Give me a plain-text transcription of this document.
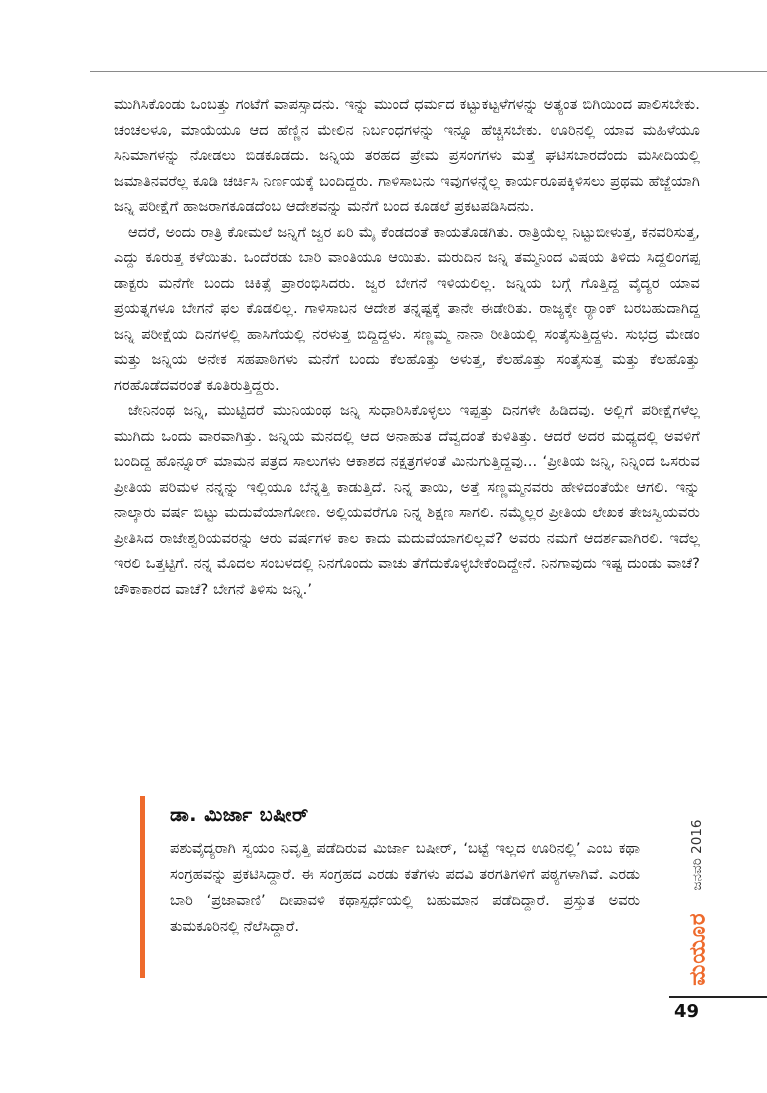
ಮುಗಿಸಿಕೊಂಡು ಒಂಬತ್ತು ಗಂಟೆಗೆ ವಾಪಸ್ಸಾದನು. ಇನ್ನು ಮುಂದೆ ಧರ್ಮದ ಕಟ್ಟುಕಟ್ಟಳೆಗಳನ್ನು ಅತ್ಯಂತ ಬಿಗಿಯಿಂದ ಪಾಲಿಸಬೇಕು. ಚಂಚಲಳೂ, ಮಾಯೆಯೂ ಆದ ಹೆಣ್ಣಿನ ಮೇಲಿನ ನಿರ್ಬಂಧಗಳನ್ನು ಇನ್ನೂ ಹೆಚ್ಚಿಸಬೇಕು. ಊರಿನಲ್ಲಿ ಯಾವ ಮಹಿಳೆಯೂ ಸಿನಿಮಾಗಳನ್ನು ನೋಡಲು ಬಿಡಕೂಡದು. ಜನ್ನಿಯ ತರಹದ ಪ್ರೇಮ ಪ್ರಸಂಗಗಳು ಮತ್ತೆ ಘಟಿಸಬಾರದೆಂದು ಮಸೀದಿಯಲ್ಲಿ ಜಮಾತಿನವರೆಲ್ಲ ಕೂಡಿ ಚರ್ಚಿಸಿ ನಿರ್ಣಯಕ್ಕೆ ಬಂದಿದ್ದರು. ಗಾಳಿಸಾಬನು ಇವುಗಳನ್ನೆಲ್ಲ ಕಾರ್ಯರೂಪಕ್ಕಿಳಿಸಲು ಪ್ರಥಮ ಹೆಜ್ಜೆಯಾಗಿ ಜನ್ನಿ ಪರೀಕ್ಷೆಗೆ ಹಾಜರಾಗಕೂಡದೆಂಬ ಆದೇಶವನ್ನು ಮನೆಗೆ ಬಂದ ಕೂಡಲೆ ಪ್ರಕಟಪಡಿಸಿದನು.

ಆದರೆ, ಅಂದು ರಾತ್ರಿ ಕೋಮಲೆ ಜನ್ನಿಗೆ ಜ್ವರ ಏರಿ ಮೈ ಕೆಂಡದಂತೆ ಕಾಯತೊಡಗಿತು. ರಾತ್ರಿಯೆಲ್ಲ ನಿಟ್ಟುಬೀಳುತ್ತ, ಕನವರಿಸುತ್ತ, ಎದ್ದು ಕೂರುತ್ತ ಕಳೆಯಿತು. ಒಂದೆರಡು ಬಾರಿ ವಾಂತಿಯೂ ಆಯಿತು. ಮರುದಿನ ಜನ್ನಿ ತಮ್ಮನಿಂದ ವಿಷಯ ತಿಳಿದು ಸಿದ್ದಲಿಂಗಪ್ಪ ಡಾಕ್ಟರು ಮನೆಗೇ ಬಂದು ಚಿಕಿತ್ಸೆ ಪ್ರಾರಂಭಿಸಿದರು. ಜ್ವರ ಬೇಗನೆ ಇಳಿಯಲಿಲ್ಲ. ಜನ್ನಿಯ ಬಗ್ಗೆ ಗೊತ್ತಿದ್ದ ವೈದ್ಯರ ಯಾವ ಪ್ರಯತ್ನಗಳೂ ಬೇಗನೆ ಫಲ ಕೊಡಲಿಲ್ಲ. ಗಾಳಿಸಾಬನ ಆದೇಶ ತನ್ನಷ್ಟಕ್ಕೆ ತಾನೇ ಈಡೇರಿತು. ರಾಜ್ಯಕ್ಕೇ ರ್‍ಯಾಂಕ್ ಬರಬಹುದಾಗಿದ್ದ ಜನ್ನಿ ಪರೀಕ್ಷೆಯ ದಿನಗಳಲ್ಲಿ ಹಾಸಿಗೆಯಲ್ಲಿ ನರಳುತ್ತ ಬಿದ್ದಿದ್ದಳು. ಸಣ್ಣಮ್ಮ ನಾನಾ ರೀತಿಯಲ್ಲಿ ಸಂತೈಸುತ್ತಿದ್ದಳು. ಸುಭದ್ರ ಮೇಡಂ ಮತ್ತು ಜನ್ನಿಯ ಅನೇಕ ಸಹಪಾಠಿಗಳು ಮನೆಗೆ ಬಂದು ಕೆಲಹೊತ್ತು ಅಳುತ್ತ, ಕೆಲಹೊತ್ತು ಸಂತೈಸುತ್ತ ಮತ್ತು ಕೆಲಹೊತ್ತು ಗರಹೊಡೆದವರಂತೆ ಕೂತಿರುತ್ತಿದ್ದರು.

ಜೇನಿನಂಥ ಜನ್ನಿ, ಮುಟ್ಟಿದರೆ ಮುನಿಯಂಥ ಜನ್ನಿ ಸುಧಾರಿಸಿಕೊಳ್ಳಲು ಇಪ್ಪತ್ತು ದಿನಗಳೇ ಹಿಡಿದವು. ಅಲ್ಲಿಗೆ ಪರೀಕ್ಷೆಗಳೆಲ್ಲ ಮುಗಿದು ಒಂದು ವಾರವಾಗಿತ್ತು. ಜನ್ನಿಯ ಮನದಲ್ಲಿ ಆದ ಅನಾಹುತ ದೆವ್ವದಂತೆ ಕುಳಿತಿತ್ತು. ಆದರೆ ಅದರ ಮಧ್ಯದಲ್ಲಿ ಅವಳಿಗೆ ಬಂದಿದ್ದ ಹೊನ್ನೂರ್ ಮಾಮನ ಪತ್ರದ ಸಾಲುಗಳು ಆಕಾಶದ ನಕ್ಷತ್ರಗಳಂತೆ ಮಿನುಗುತ್ತಿದ್ದವು... ‘ಪ್ರೀತಿಯ ಜನ್ನಿ, ನಿನ್ನಿಂದ ಒಸರುವ ಪ್ರೀತಿಯ ಪರಿಮಳ ನನ್ನನ್ನು ಇಲ್ಲಿಯೂ ಬೆನ್ನತ್ತಿ ಕಾಡುತ್ತಿದೆ. ನಿನ್ನ ತಾಯಿ, ಅತ್ತೆ ಸಣ್ಣಮ್ಮನವರು ಹೇಳಿದಂತೆಯೇ ಆಗಲಿ. ಇನ್ನು ನಾಲ್ಕಾರು ವರ್ಷ ಬಿಟ್ಟು ಮದುವೆಯಾಗೋಣ. ಅಲ್ಲಿಯವರೆಗೂ ನಿನ್ನ ಶಿಕ್ಷಣ ಸಾಗಲಿ. ನಮ್ಮೆಲ್ಲರ ಪ್ರೀತಿಯ ಲೇಖಕ ತೇಜಸ್ವಿಯವರು ಪ್ರೀತಿಸಿದ ರಾಜೇಶ್ವರಿಯವರನ್ನು ಆರು ವರ್ಷಗಳ ಕಾಲ ಕಾದು ಮದುವೆಯಾಗಲಿಲ್ಲವೆ? ಅವರು ನಮಗೆ ಆದರ್ಶವಾಗಿರಲಿ. ಇದೆಲ್ಲ ಇರಲಿ ಒತ್ತಟ್ಟಿಗೆ. ನನ್ನ ಮೊದಲ ಸಂಬಳದಲ್ಲಿ ನಿನಗೊಂದು ವಾಚು ತೆಗೆದುಕೊಳ್ಳಬೇಕೆಂದಿದ್ದೇನೆ. ನಿನಗಾವುದು ಇಷ್ಟ ದುಂಡು ವಾಚೆ? ಚೌಕಾಕಾರದ ವಾಚೆ? ಬೇಗನೆ ತಿಳಿಸು ಜನ್ನಿ.’

ಡಾ. ಮಿರ್ಜಾ ಬಷೀರ್

ಪಶುವೈದ್ಯರಾಗಿ ಸ್ವಯಂ ನಿವೃತ್ತಿ ಪಡೆದಿರುವ ಮಿರ್ಜಾ ಬಷೀರ್, ‘ಬಟ್ಟೆ ಇಲ್ಲದ ಊರಿನಲ್ಲಿ’ ಎಂಬ ಕಥಾ ಸಂಗ್ರಹವನ್ನು ಪ್ರಕಟಿಸಿದ್ದಾರೆ. ಈ ಸಂಗ್ರಹದ ಎರಡು ಕತೆಗಳು ಪದವಿ ತರಗತಿಗಳಿಗೆ ಪಠ್ಯಗಳಾಗಿವೆ. ಎರಡು ಬಾರಿ ‘ಪ್ರಜಾವಾಣಿ’ ದೀಪಾವಳಿ ಕಥಾಸ್ಪರ್ಧೆಯಲ್ಲಿ ಬಹುಮಾನ ಪಡೆದಿದ್ದಾರೆ. ಪ್ರಸ್ತುತ ಅವರು ತುಮಕೂರಿನಲ್ಲಿ ನೆಲೆಸಿದ್ದಾರೆ.

ಜನವರಿ 2016
ಮಯೂರ
49
